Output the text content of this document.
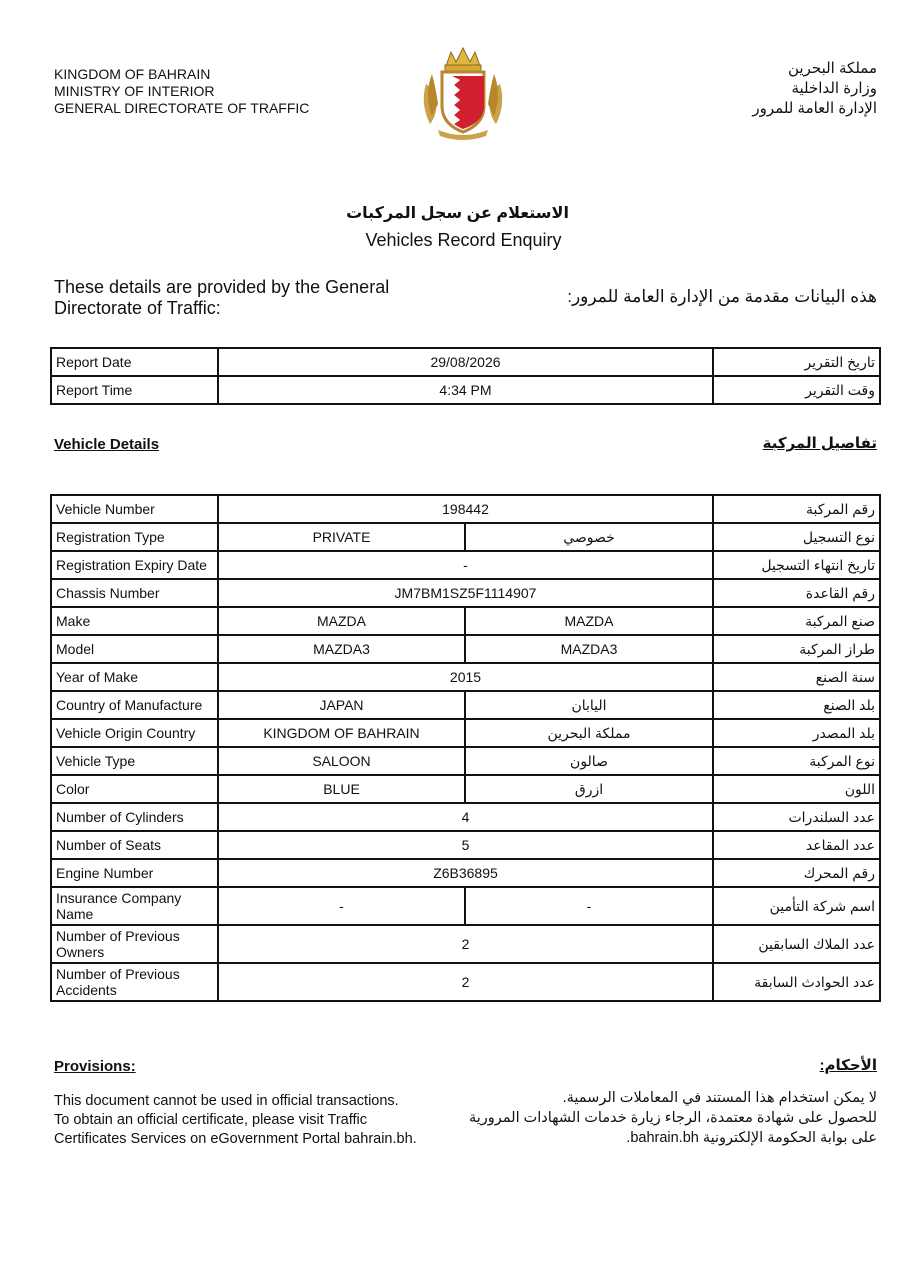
KINGDOM OF BAHRAIN
MINISTRY OF INTERIOR
GENERAL DIRECTORATE OF TRAFFIC
مملكة البحرين
وزارة الداخلية
الإدارة العامة للمرور
الاستعلام عن سجل المركبات
Vehicles Record Enquiry
These details are provided by the General Directorate of Traffic:
هذه البيانات مقدمة من الإدارة العامة للمرور:
Report Date	29/08/2026	تاريخ التقرير
Report Time	4:34 PM	وقت التقرير
Vehicle Details	تفاصيل المركبة
Vehicle Number	198442		رقم المركبة
Registration Type	PRIVATE	خصوصي	نوع التسجيل
Registration Expiry Date	-		تاريخ انتهاء التسجيل
Chassis Number	JM7BM1SZ5F1114907		رقم القاعدة
Make	MAZDA	MAZDA	صنع المركبة
Model	MAZDA3	MAZDA3	طراز المركبة
Year of Make	2015		سنة الصنع
Country of Manufacture	JAPAN	اليابان	بلد الصنع
Vehicle Origin Country	KINGDOM OF BAHRAIN	مملكة البحرين	بلد المصدر
Vehicle Type	SALOON	صالون	نوع المركبة
Color	BLUE	ازرق	اللون
Number of Cylinders	4		عدد السلندرات
Number of Seats	5		عدد المقاعد
Engine Number	Z6B36895		رقم المحرك
Insurance Company Name	-	-	اسم شركة التأمين
Number of Previous Owners	2		عدد الملاك السابقين
Number of Previous Accidents	2		عدد الحوادث السابقة
Provisions:	الأحكام:
This document cannot be used in official transactions.
To obtain an official certificate, please visit Traffic
Certificates Services on eGovernment Portal bahrain.bh.
لا يمكن استخدام هذا المستند في المعاملات الرسمية.
للحصول على شهادة معتمدة، الرجاء زيارة خدمات الشهادات المرورية
على بوابة الحكومة الإلكترونية bahrain.bh.
